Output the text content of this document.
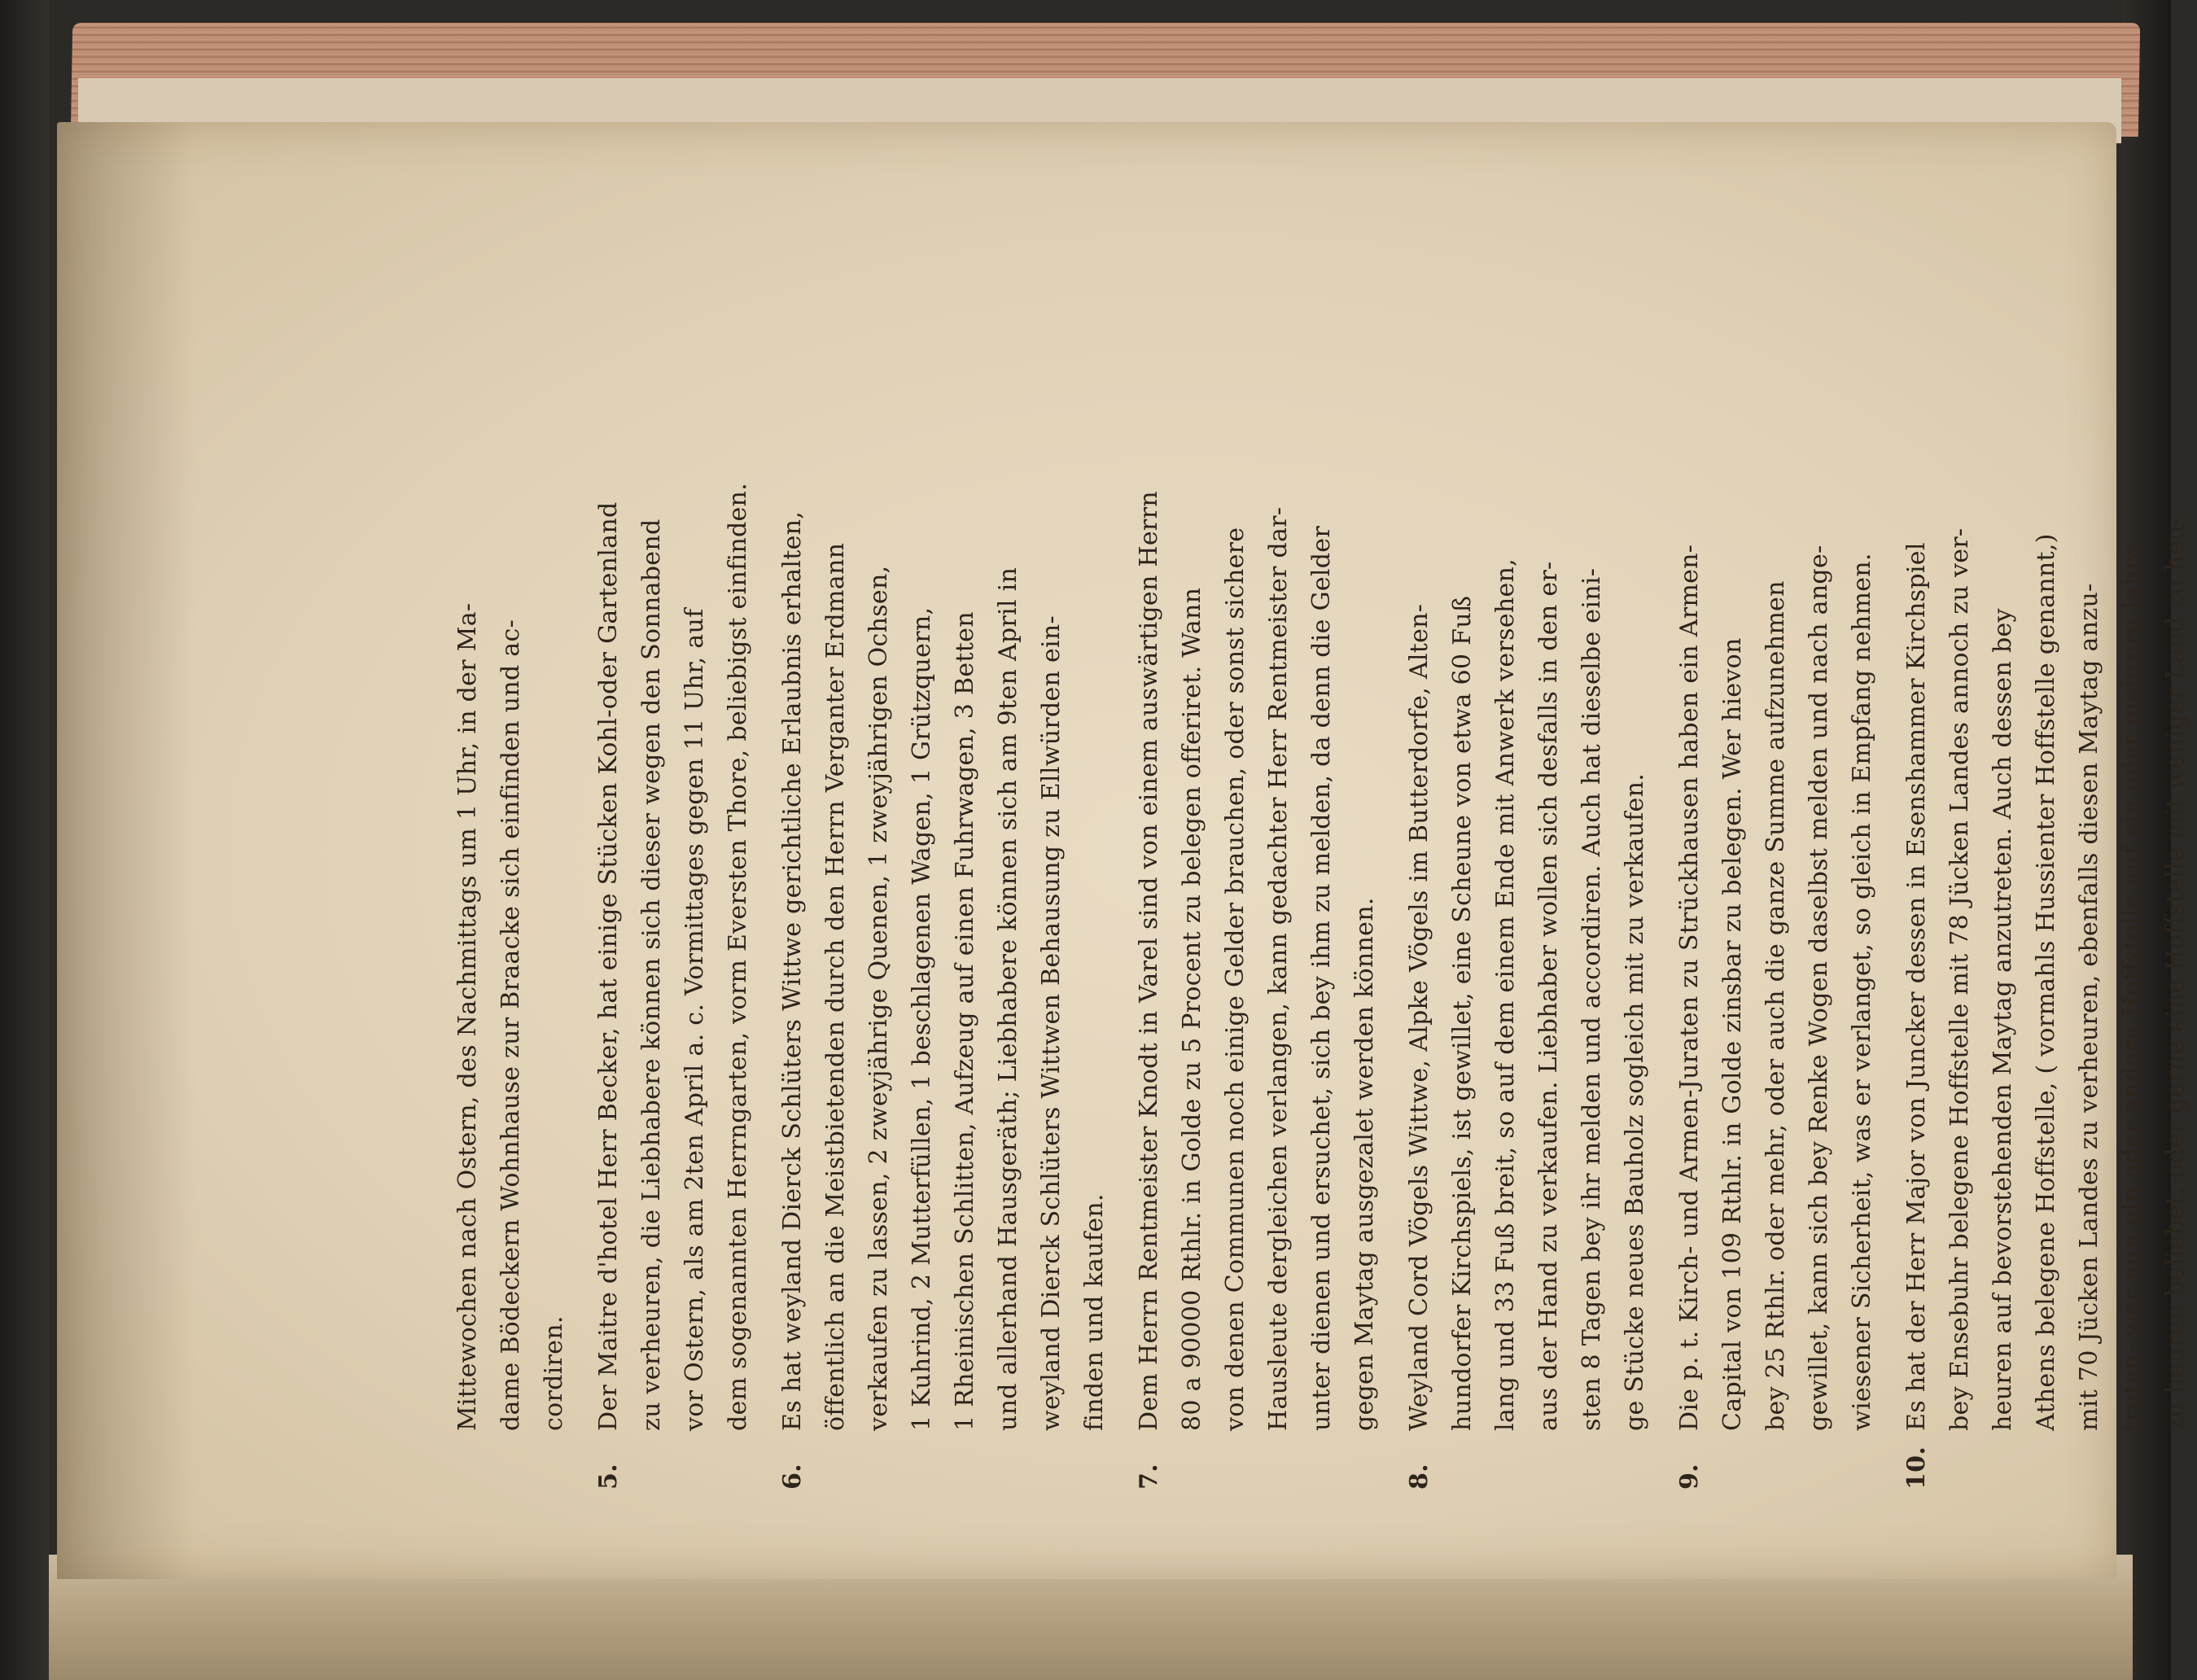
Mittewochen nach Ostern, des Nachmittags um 1 Uhr, in der Ma- dame Bödeckern Wohnhause zur Braacke sich einfinden und ac- cordiren.
5.Der Maitre d'hotel Herr Becker, hat einige Stücken Kohl-oder Gartenland zu verheuren, die Liebhabere können sich dieser wegen den Sonnabend vor Ostern, als am 2ten April a. c. Vormittages gegen 11 Uhr, auf dem sogenannten Herrngarten, vorm Eversten Thore, beliebigst einfinden.
6.Es hat weyland Dierck Schlüters Wittwe gerichtliche Erlaubnis erhalten, öffentlich an die Meistbietenden durch den Herrn Verganter Erdmann verkaufen zu lassen, 2 zweyjährige Quenen, 1 zweyjährigen Ochsen, 1 Kuhrind, 2 Mutterfüllen, 1 beschlagenen Wagen, 1 Grützquern, 1 Rheinischen Schlitten, Aufzeug auf einen Fuhrwagen, 3 Betten und allerhand Hausgeräth; Liebhabere können sich am 9ten April in weyland Dierck Schlüters Wittwen Behausung zu Ellwürden ein- finden und kaufen.
7.Dem Herrn Rentmeister Knodt in Varel sind von einem auswärtigen Herrn 80 a 90000 Rthlr. in Golde zu 5 Procent zu belegen offeriret. Wann von denen Communen noch einige Gelder brauchen, oder sonst sichere Hausleute dergleichen verlangen, kann gedachter Herr Rentmeister dar- unter dienen und ersuchet, sich bey ihm zu melden, da denn die Gelder gegen Maytag ausgezalet werden können.
8.Weyland Cord Vögels Wittwe, Alpke Vögels im Butterdorfe, Alten- hundorfer Kirchspiels, ist gewillet, eine Scheune von etwa 60 Fuß lang und 33 Fuß breit, so auf dem einem Ende mit Anwerk versehen, aus der Hand zu verkaufen. Liebhaber wollen sich desfalls in den er- sten 8 Tagen bey ihr melden und accordiren. Auch hat dieselbe eini- ge Stücke neues Bauholz sogleich mit zu verkaufen.
9.Die p. t. Kirch- und Armen-Juraten zu Strückhausen haben ein Armen- Capital von 109 Rthlr. in Golde zinsbar zu belegen. Wer hievon bey 25 Rthlr. oder mehr, oder auch die ganze Summe aufzunehmen gewillet, kann sich bey Renke Wogen daselbst melden und nach ange- wiesener Sicherheit, was er verlanget, so gleich in Empfang nehmen.
10.Es hat der Herr Major von Juncker dessen in Esenshammer Kirchspiel bey Ensebuhr belegene Hoffstelle mit 78 Jücken Landes annoch zu ver- heuren auf bevorstehenden Maytag anzutreten. Auch dessen bey Athens belegene Hoffstelle, ( vormahls Hussienter Hoffstelle genannt,) mit 70 Jücken Landes zu verheuren, ebenfalls diesen Maytag anzu- treten; wer nun ein oder andere Hoffstelle auf ein oder mehrere Jahre zu heuren beliebet, oder gerne eine Hoffstelle mit weniger Land zu heu-
